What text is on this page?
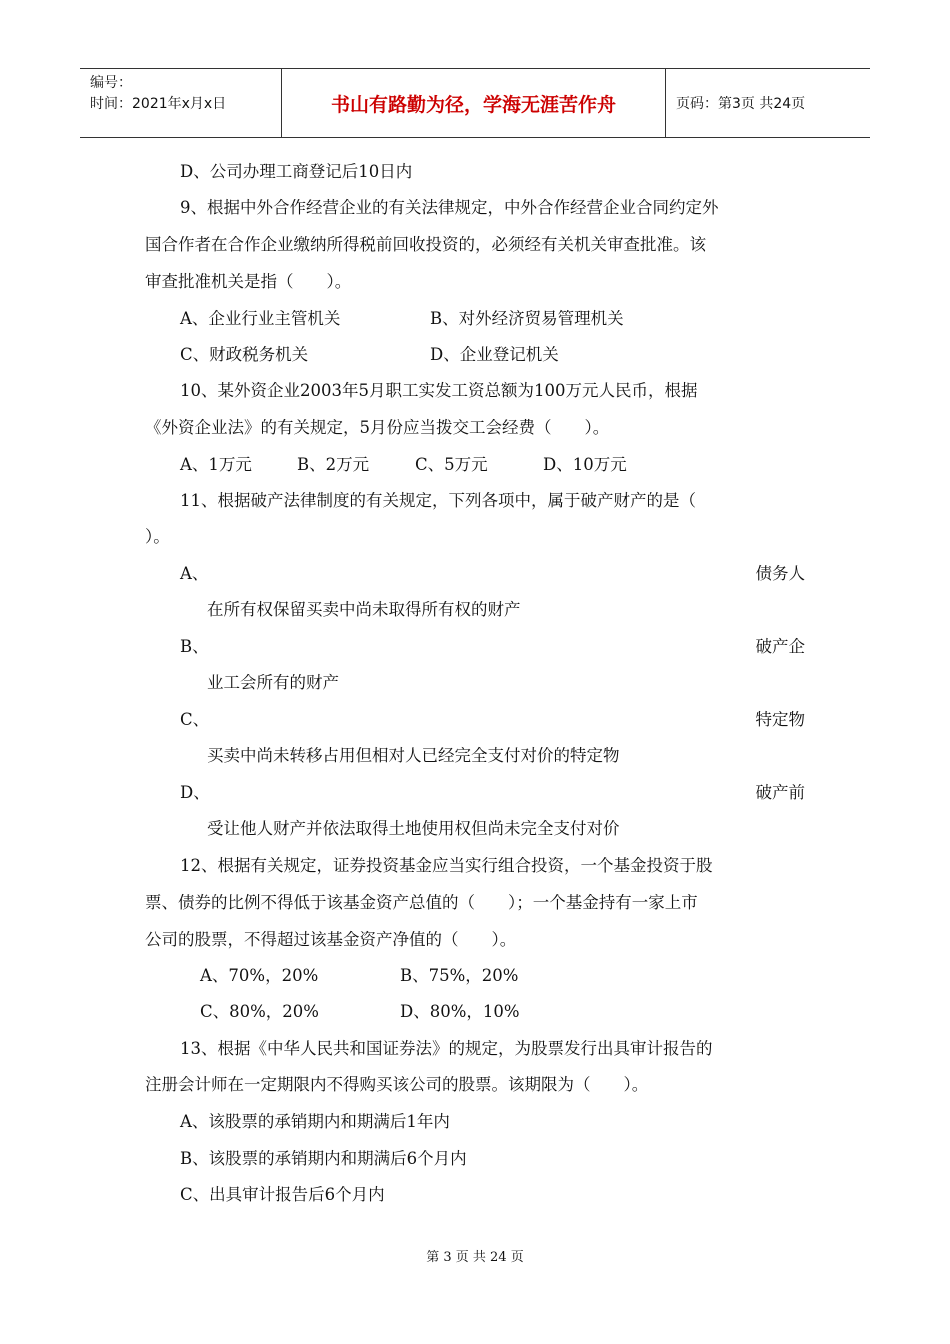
编号：
时间：2021年x月x日	书山有路勤为径，学海无涯苦作舟	页码：第3页 共24页
D、公司办理工商登记后10日内
9、根据中外合作经营企业的有关法律规定，中外合作经营企业合同约定外
国合作者在合作企业缴纳所得税前回收投资的，必须经有关机关审查批准。该
审查批准机关是指（　　）。
A、企业行业主管机关	B、对外经济贸易管理机关
C、财政税务机关	D、企业登记机关
10、某外资企业2003年5月职工实发工资总额为100万元人民币，根据
《外资企业法》的有关规定，5月份应当拨交工会经费（　　）。
A、1万元	B、2万元	C、5万元	D、10万元
11、根据破产法律制度的有关规定，下列各项中，属于破产财产的是（
）。
A、	债务人
在所有权保留买卖中尚未取得所有权的财产
B、	破产企
业工会所有的财产
C、	特定物
买卖中尚未转移占用但相对人已经完全支付对价的特定物
D、	破产前
受让他人财产并依法取得土地使用权但尚未完全支付对价
12、根据有关规定，证券投资基金应当实行组合投资，一个基金投资于股
票、债券的比例不得低于该基金资产总值的（　　）；一个基金持有一家上市
公司的股票，不得超过该基金资产净值的（　　）。
A、70%，20%	B、75%，20%
C、80%，20%	D、80%，10%
13、根据《中华人民共和国证券法》的规定，为股票发行出具审计报告的
注册会计师在一定期限内不得购买该公司的股票。该期限为（　　）。
A、该股票的承销期内和期满后1年内
B、该股票的承销期内和期满后6个月内
C、出具审计报告后6个月内
第 3 页 共 24 页
